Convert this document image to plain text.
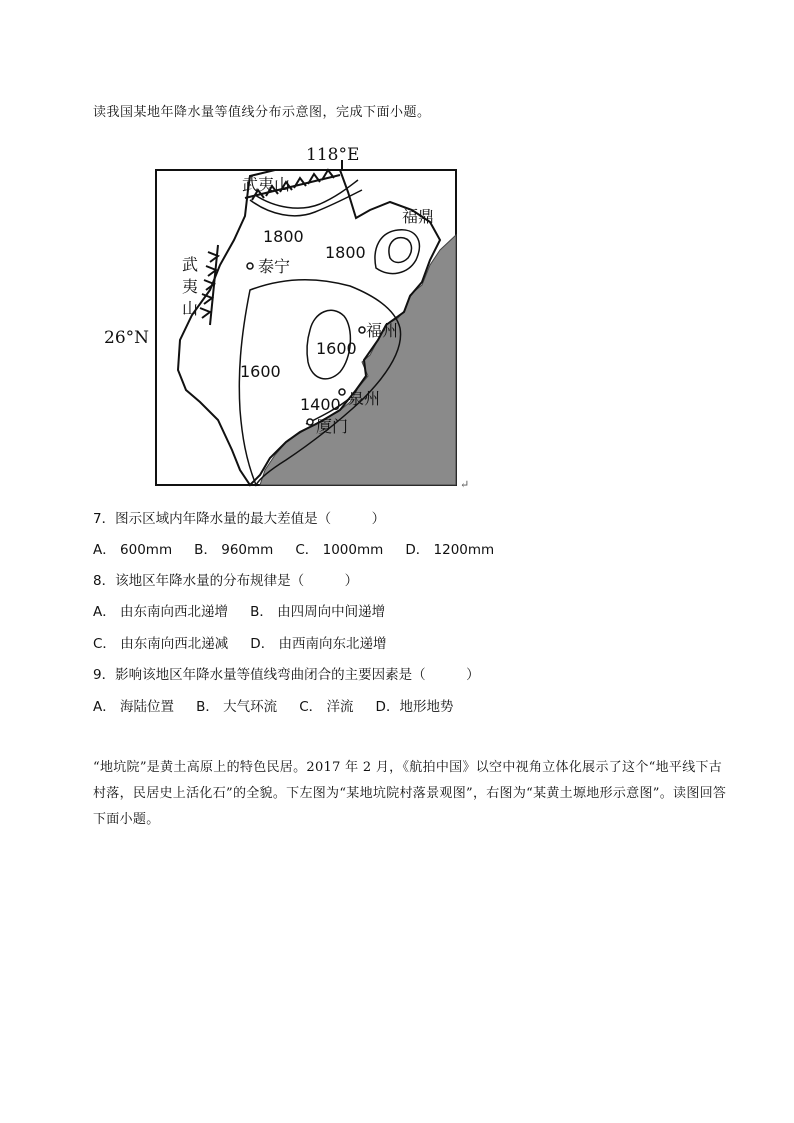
读我国某地年降水量等值线分布示意图，完成下面小题。
118°E
26°N
武夷山
武
夷
山
1800
1800
1600
1600
1400
泰宁
福鼎
福州
泉州
厦门
↵
7．图示区域内年降水量的最大差值是（　　　）
A． 600mm　  B． 960mm　  C． 1000mm　  D． 1200mm
8．该地区年降水量的分布规律是（　　　）
A． 由东南向西北递增　  B． 由四周向中间递增
C． 由东南向西北递减　  D． 由西南向东北递增
9．影响该地区年降水量等值线弯曲闭合的主要因素是（　　　）
A． 海陆位置　  B． 大气环流　  C． 洋流　  D．地形地势
“地坑院”是黄土高原上的特色民居。2017 年 2 月，《航拍中国》以空中视角立体化展示了这个“地平线下古村落，民居史上活化石”的全貌。下左图为“某地坑院村落景观图”，右图为“某黄土塬地形示意图”。读图回答下面小题。
